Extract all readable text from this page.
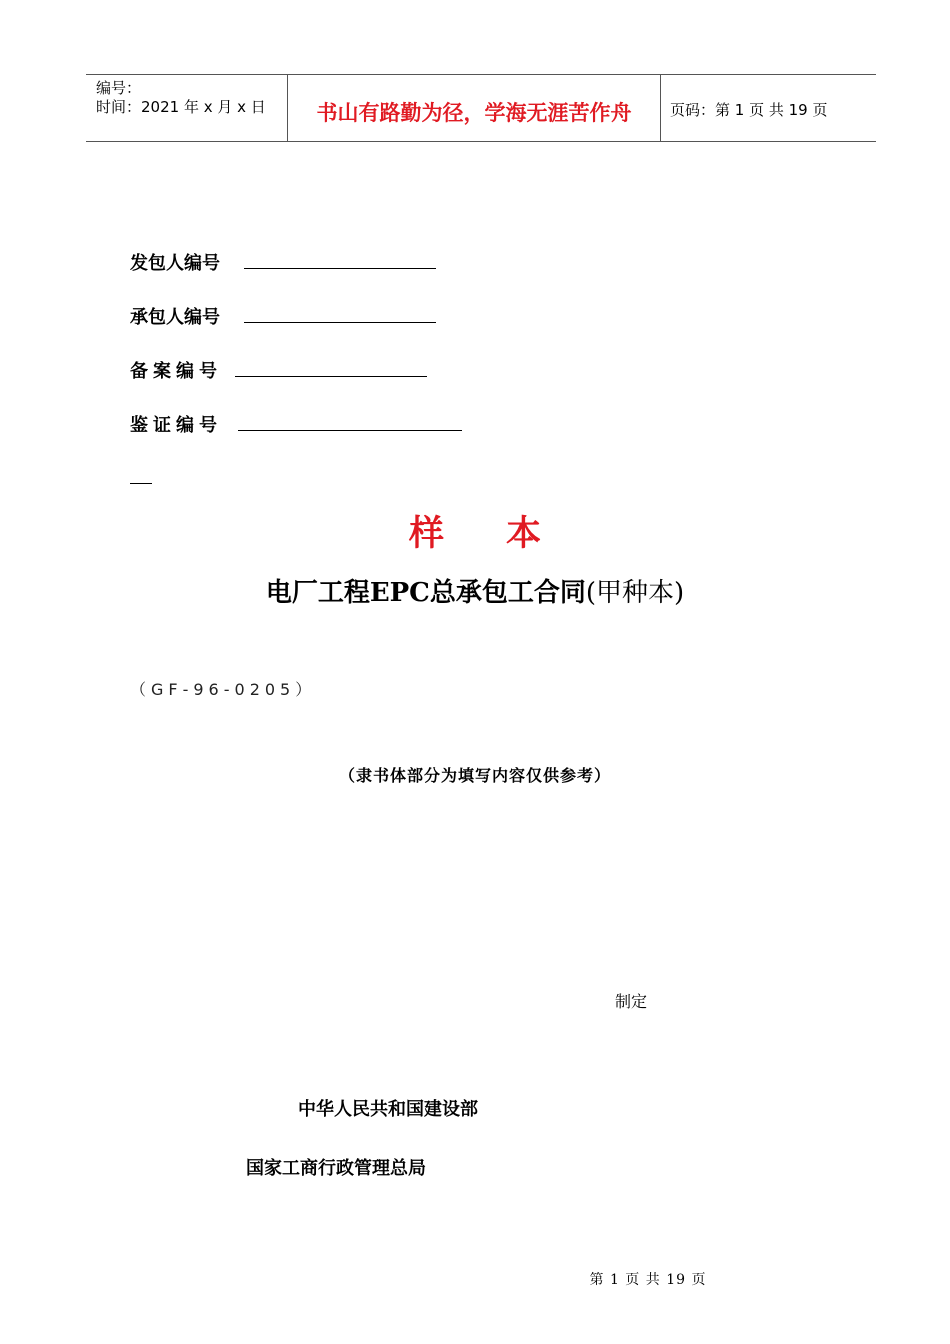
编号：
时间：2021 年 x 月 x 日	书山有路勤为径，学海无涯苦作舟	页码：第 1 页 共 19 页
发包人编号
承包人编号
备案编号
鉴证编号
样 本
电厂工程EPC总承包工合同(甲种本)
（GF-96-0205）
（隶书体部分为填写内容仅供参考）
制定
中华人民共和国建设部
国家工商行政管理总局
第 1 页 共 19 页
